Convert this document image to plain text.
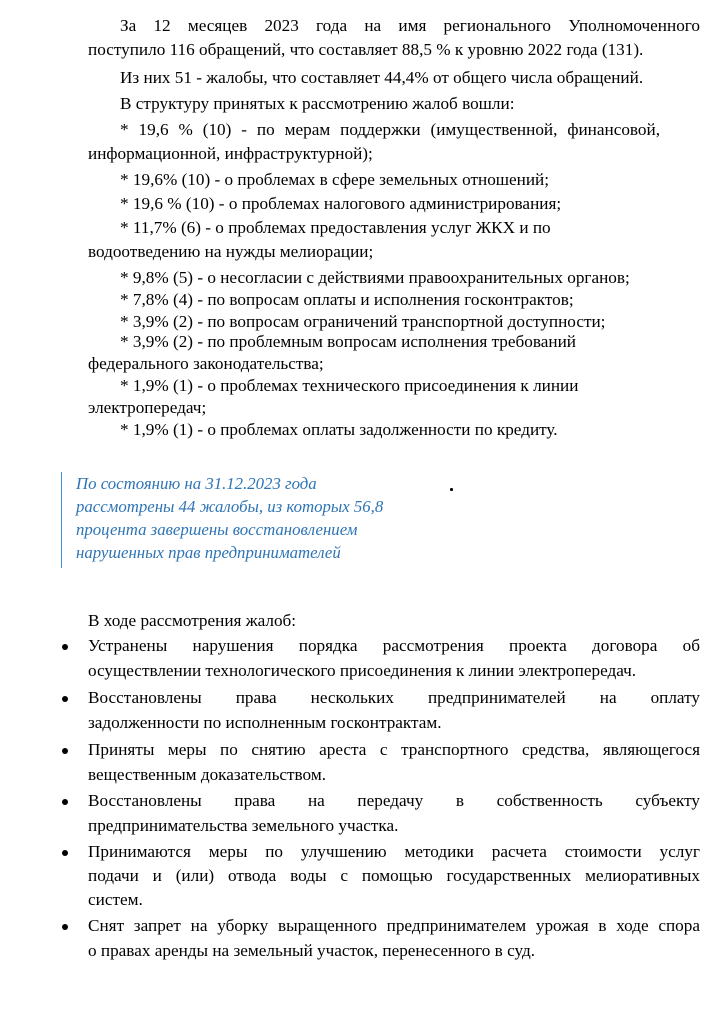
За 12 месяцев 2023 года на имя регионального Уполномоченного
поступило 116 обращений, что составляет 88,5 % к уровню 2022 года (131).
Из них 51 - жалобы, что составляет 44,4% от общего числа обращений.
В структуру принятых к рассмотрению жалоб вошли:
* 19,6 % (10) - по мерам поддержки (имущественной, финансовой,
информационной, инфраструктурной);
* 19,6% (10) - о проблемах в сфере земельных отношений;
* 19,6 % (10) - о проблемах налогового администрирования;
* 11,7% (6) - о проблемах предоставления услуг ЖКХ и по
водоотведению на нужды мелиорации;
* 9,8% (5) - о несогласии с действиями правоохранительных органов;
* 7,8% (4) - по вопросам оплаты и исполнения госконтрактов;
* 3,9% (2) - по вопросам ограничений транспортной доступности;
* 3,9% (2) - по проблемным вопросам исполнения требований
федерального законодательства;
* 1,9% (1) - о проблемах технического присоединения к линии
электропередач;
* 1,9% (1) - о проблемах оплаты задолженности по кредиту.
По состоянию на 31.12.2023 года
рассмотрены 44 жалобы, из которых 56,8
процента завершены восстановлением
нарушенных прав предпринимателей
В ходе рассмотрения жалоб:
Устранены нарушения порядка рассмотрения проекта договора об
осуществлении технологического присоединения к линии электропередач.
Восстановлены права нескольких предпринимателей на оплату
задолженности по исполненным госконтрактам.
Приняты меры по снятию ареста с транспортного средства, являющегося
вещественным доказательством.
Восстановлены права на передачу в собственность субъекту
предпринимательства земельного участка.
Принимаются меры по улучшению методики расчета стоимости услуг
подачи и (или) отвода воды с помощью государственных мелиоративных
систем.
Снят запрет на уборку выращенного предпринимателем урожая в ходе спора
о правах аренды на земельный участок, перенесенного в суд.
